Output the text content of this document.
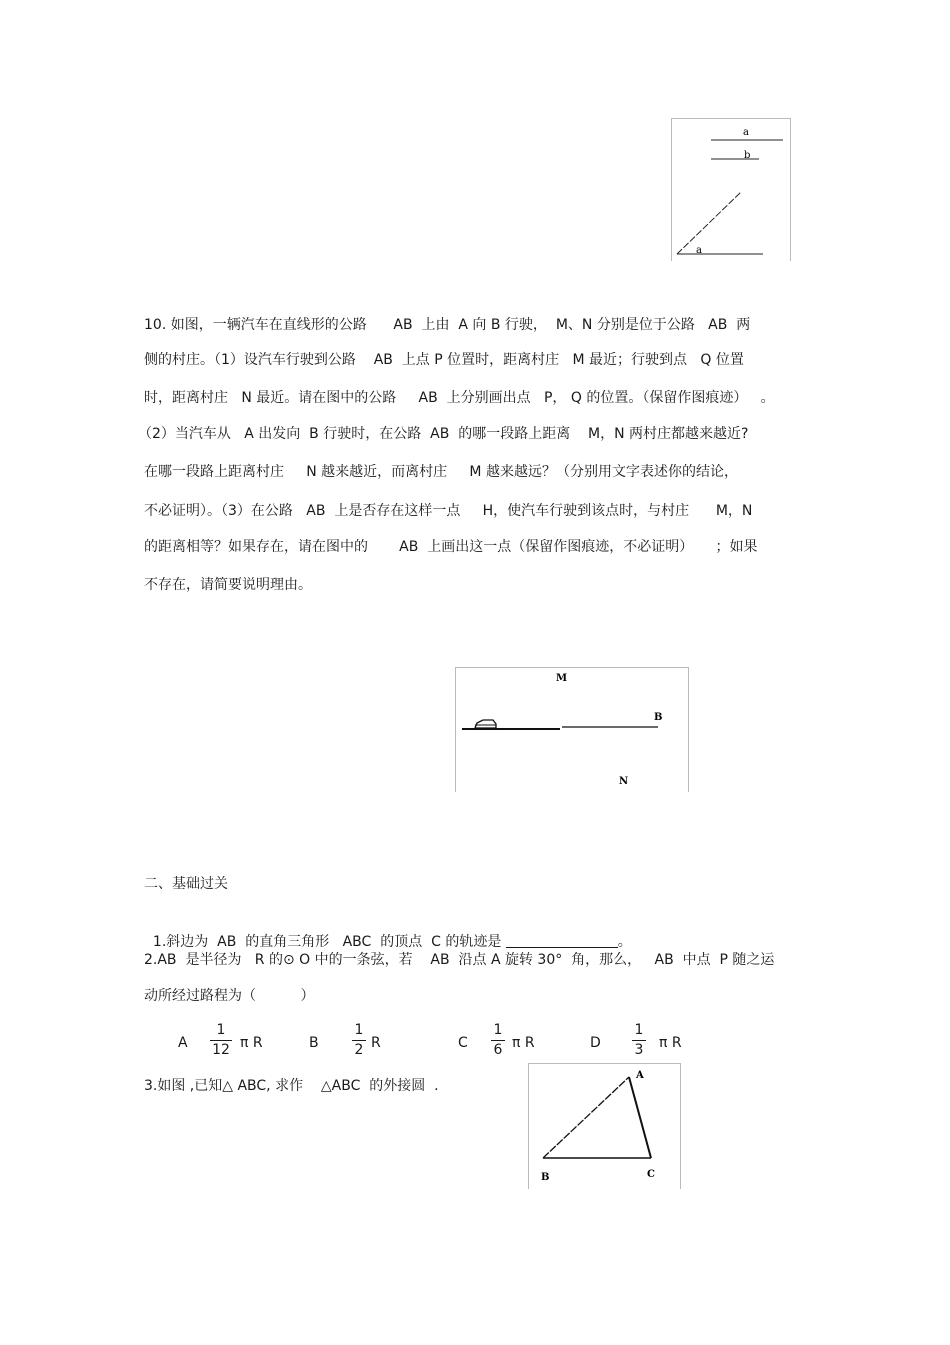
a
b
a
10. 如图，一辆汽车在直线形的公路      AB  上由  A 向 B 行驶，  M、N 分别是位于公路   AB  两
侧的村庄。（1）设汽车行驶到公路    AB  上点 P 位置时，距离村庄   M 最近；行驶到点   Q 位置
时，距离村庄   N 最近。请在图中的公路     AB  上分别画出点   P， Q 的位置。（保留作图痕迹）   。
（2）当汽车从   A 出发向  B 行驶时，在公路  AB  的哪一段路上距离    M，N 两村庄都越来越近?
在哪一段路上距离村庄     N 越来越近，而离村庄     M 越来越远？（分别用文字表述你的结论，
不必证明）。（3）在公路   AB  上是否存在这样一点     H，使汽车行驶到该点时，与村庄      M，N
的距离相等？如果存在，请在图中的       AB  上画出这一点（保留作图痕迹，不必证明）     ；如果
不存在，请简要说明理由。
M
B
N
二、基础过关

1.斜边为  AB  的直角三角形   ABC  的顶点  C 的轨迹是	。

2.AB  是半径为   R 的⊙ O 中的一条弦，若    AB  沿点 A 旋转 30°  角，那么，   AB  中点  P 随之运
动所经过路程为（          ）
A
1
12 π R	B
1
2 R	C
1
6 π R	D
1
3 π R
3.如图 ,已知△ ABC, 求作    △ABC  的外接圆  .
A
B	C
